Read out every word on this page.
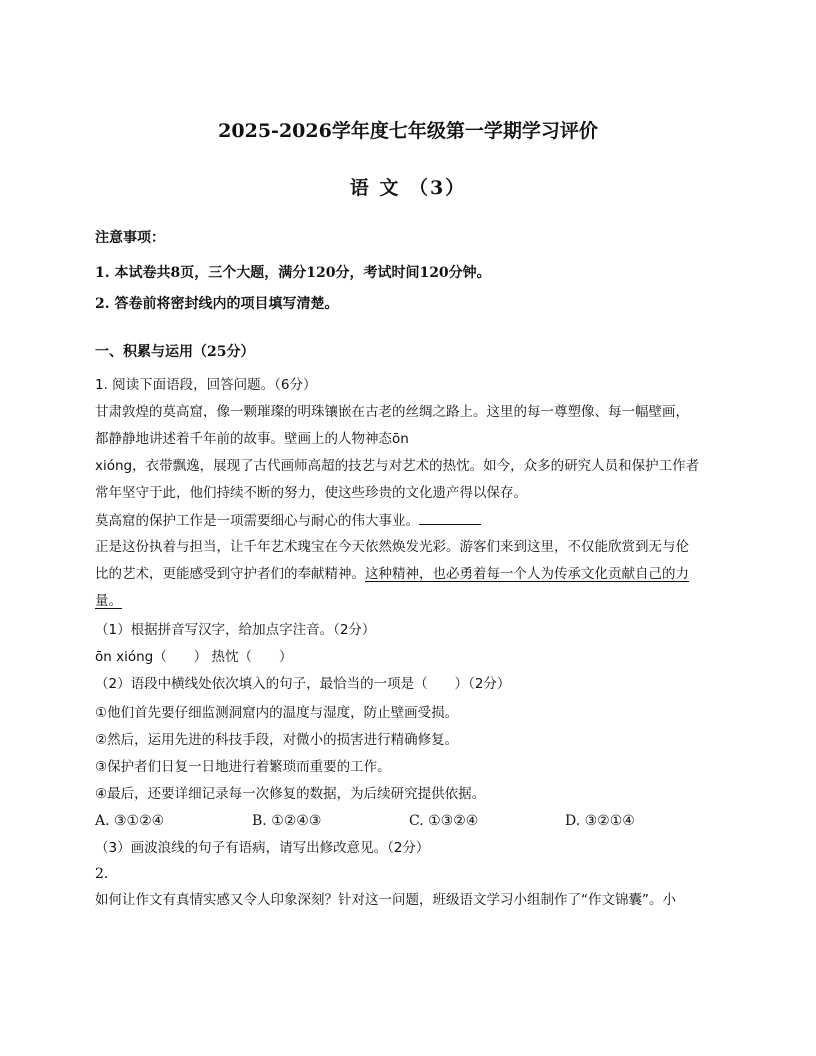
2025-2026学年度七年级第一学期学习评价
语 文 （3）
注意事项：
1. 本试卷共8页，三个大题，满分120分，考试时间120分钟。
2. 答卷前将密封线内的项目填写清楚。
一、积累与运用（25分）
1. 阅读下面语段，回答问题。（6分）
甘肃敦煌的莫高窟，像一颗璀璨的明珠镶嵌在古老的丝绸之路上。这里的每一尊塑像、每一幅壁画，
都静静地讲述着千年前的故事。壁画上的人物神态ōn
xióng，衣带飘逸，展现了古代画师高超的技艺与对艺术的热忱。如今，众多的研究人员和保护工作者
常年坚守于此，他们持续不断的努力，使这些珍贵的文化遗产得以保存。
莫高窟的保护工作是一项需要细心与耐心的伟大事业。
正是这份执着与担当，让千年艺术瑰宝在今天依然焕发光彩。游客们来到这里，不仅能欣赏到无与伦
比的艺术，更能感受到守护者们的奉献精神。这种精神，也必勇着每一个人为传承文化贡献自己的力
量。
（1）根据拼音写汉字，给加点字注音。（2分）
ōn xióng（　　） 热忱（　　）
（2）语段中横线处依次填入的句子，最恰当的一项是（　　）（2分）
①他们首先要仔细监测洞窟内的温度与湿度，防止壁画受损。
②然后，运用先进的科技手段，对微小的损害进行精确修复。
③保护者们日复一日地进行着繁琐而重要的工作。
④最后，还要详细记录每一次修复的数据，为后续研究提供依据。
A. ③①②④	B. ①②④③	C. ①③②④	D. ③②①④
（3）画波浪线的句子有语病，请写出修改意见。（2分）
2.
如何让作文有真情实感又令人印象深刻？针对这一问题，班级语文学习小组制作了“作文锦囊”。小
